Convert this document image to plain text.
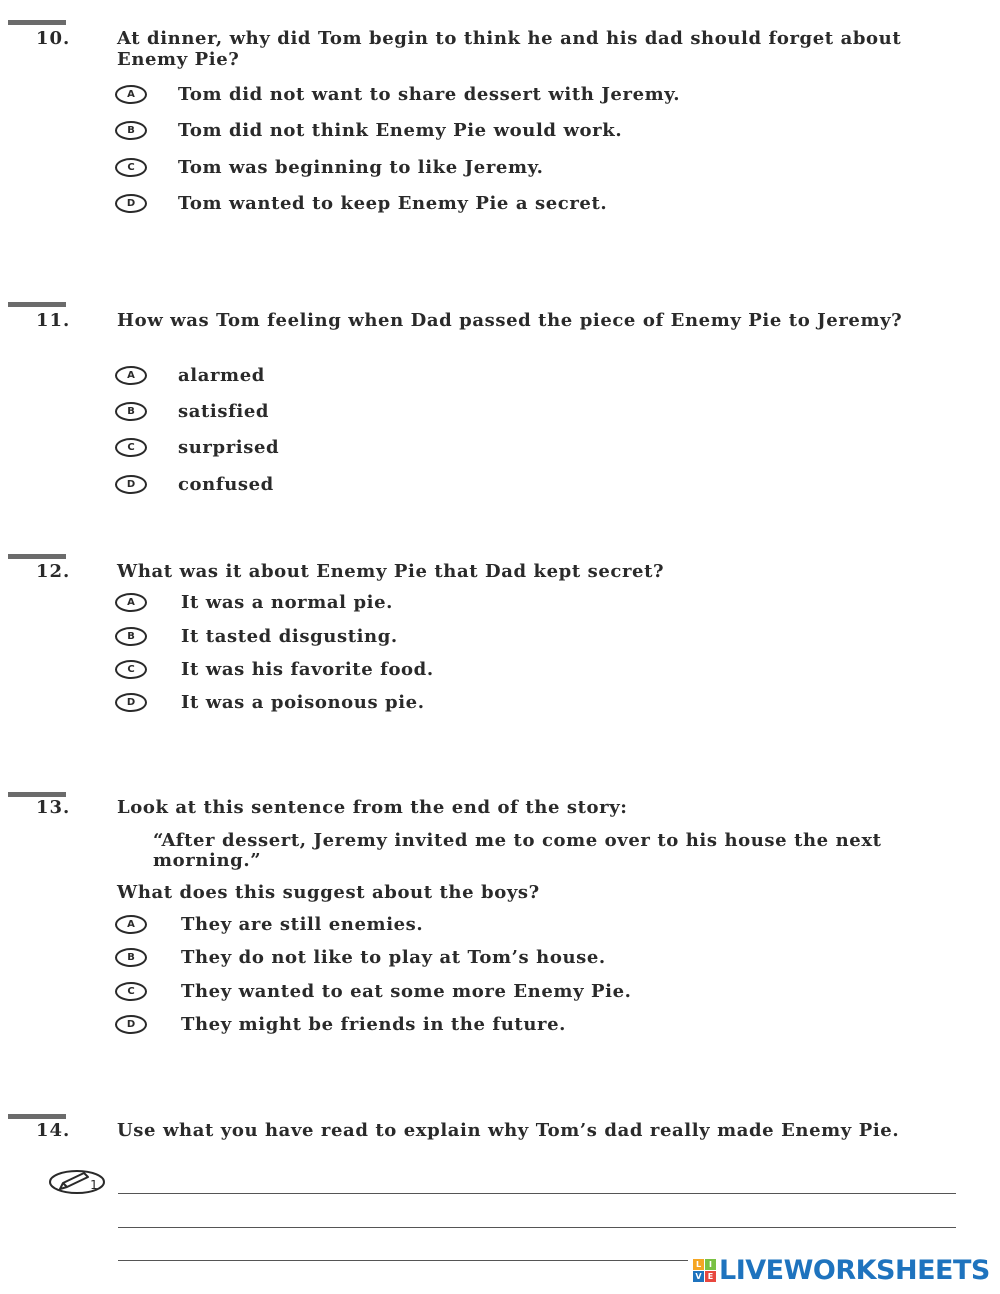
10.	At dinner, why did Tom begin to think he and his dad should forget about Enemy Pie?
A	Tom did not want to share dessert with Jeremy.
B	Tom did not think Enemy Pie would work.
C	Tom was beginning to like Jeremy.
D	Tom wanted to keep Enemy Pie a secret.
11.	How was Tom feeling when Dad passed the piece of Enemy Pie to Jeremy?
A	alarmed
B	satisfied
C	surprised
D	confused
12.	What was it about Enemy Pie that Dad kept secret?
A	It was a normal pie.
B	It tasted disgusting.
C	It was his favorite food.
D	It was a poisonous pie.
13.	Look at this sentence from the end of the story:
“After dessert, Jeremy invited me to come over to his house the next morning.”
What does this suggest about the boys?
A	They are still enemies.
B	They do not like to play at Tom’s house.
C	They wanted to eat some more Enemy Pie.
D	They might be friends in the future.
14.	Use what you have read to explain why Tom’s dad really made Enemy Pie.
1
L I
V E LIVEWORKSHEETS
